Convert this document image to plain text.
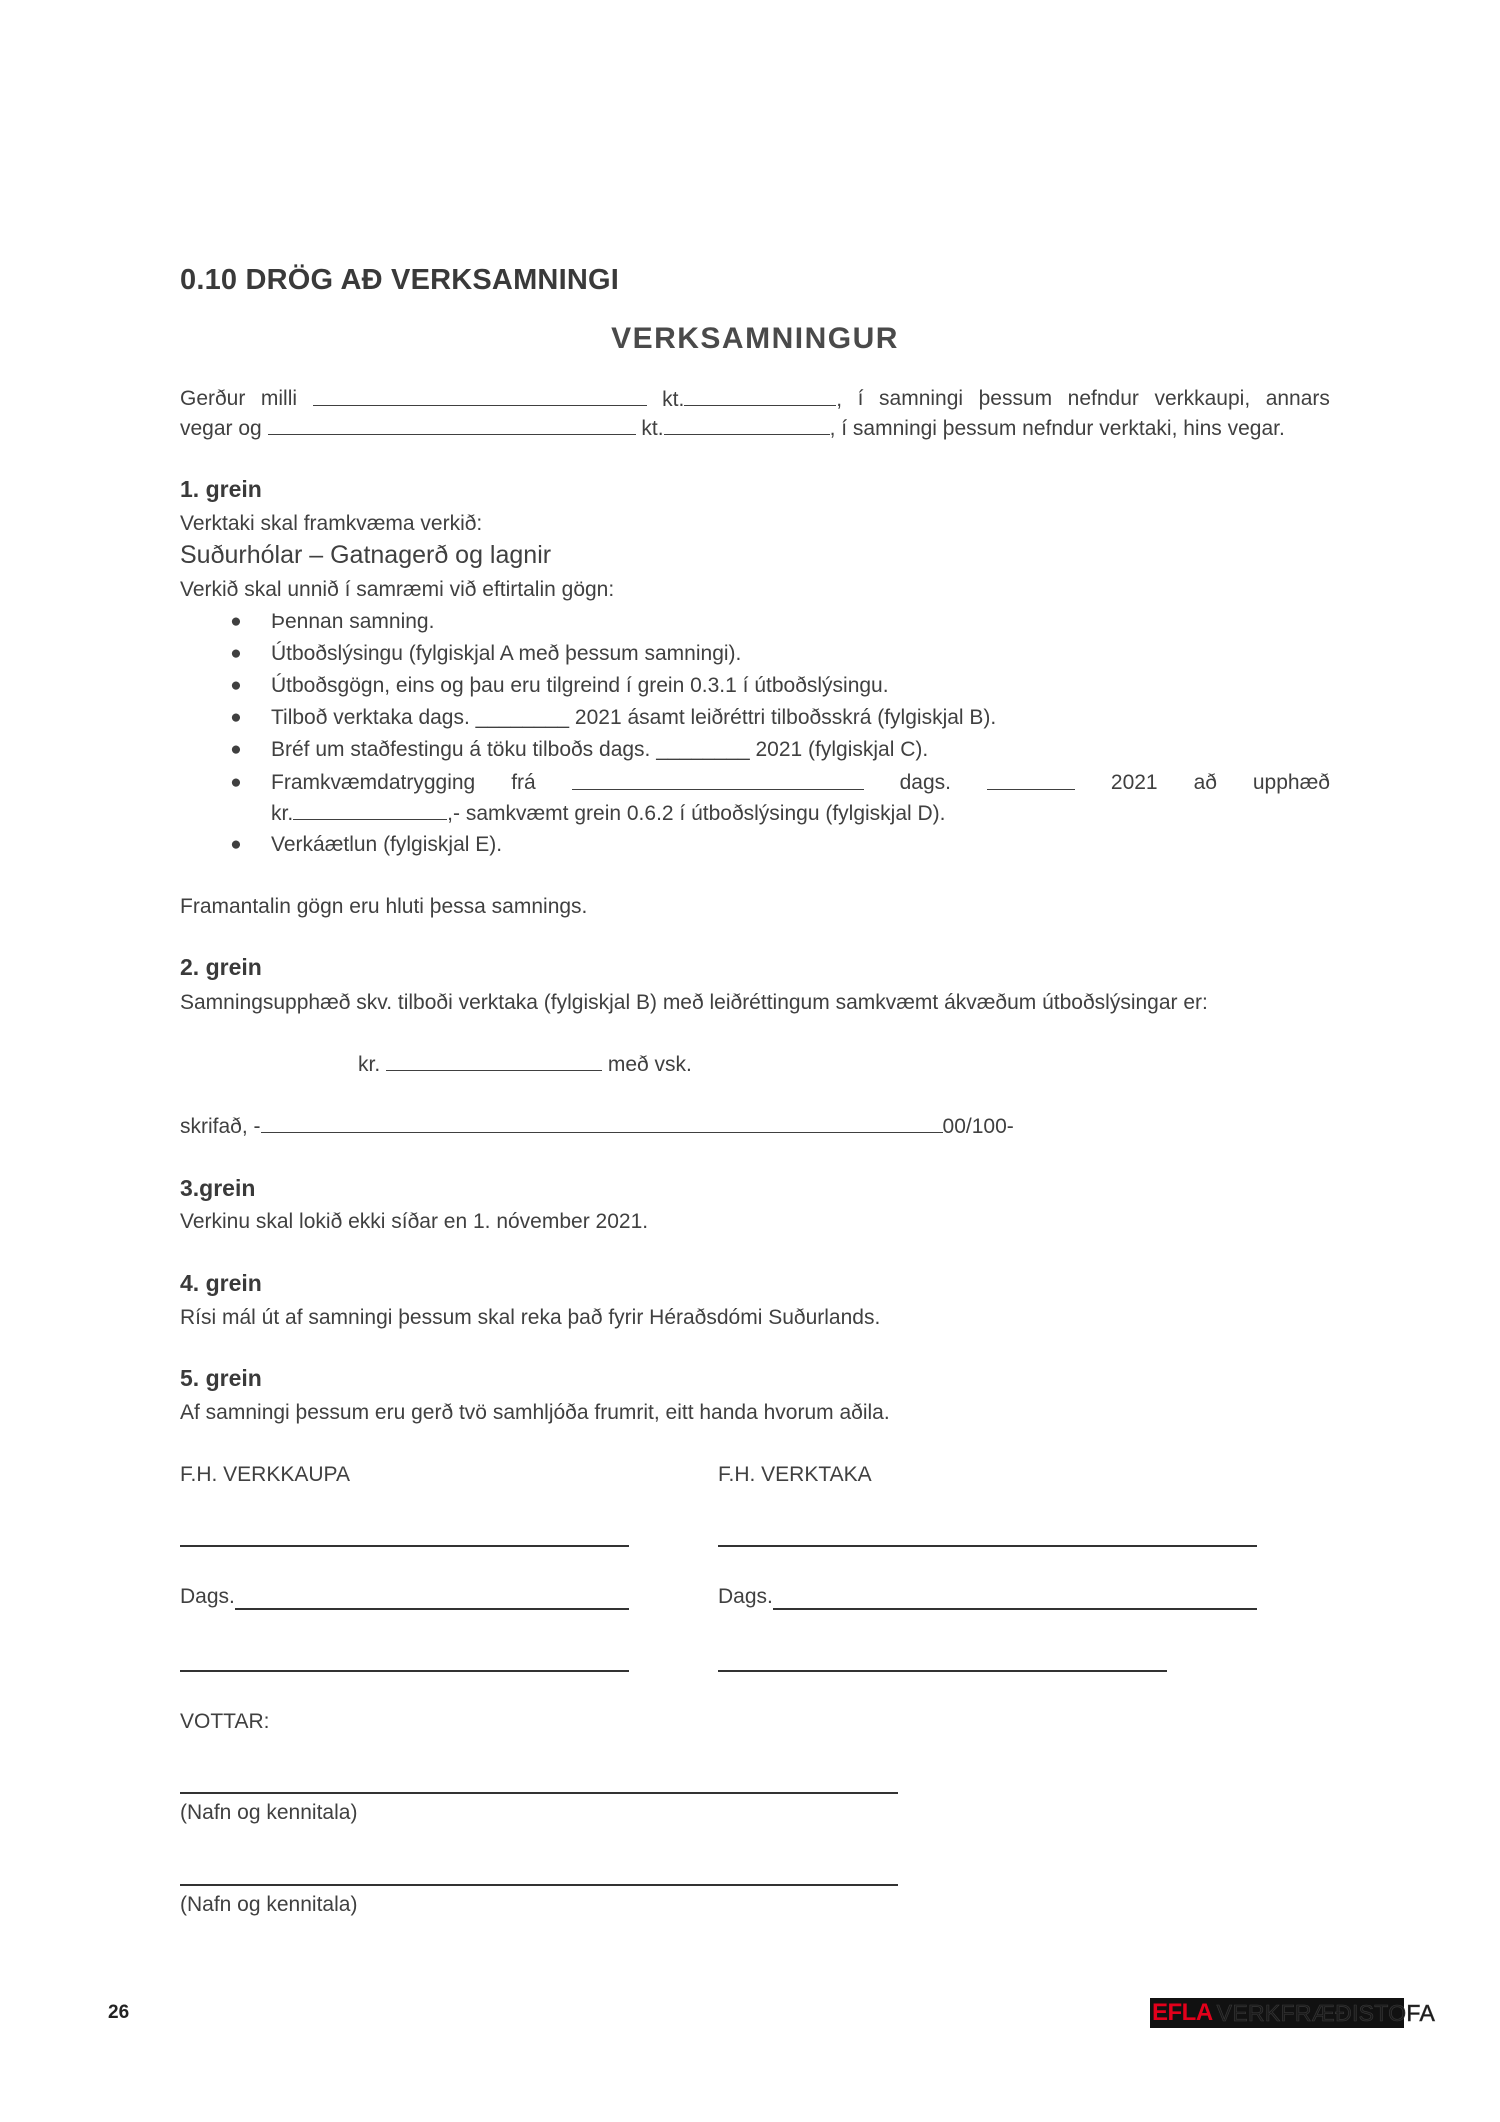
0.10 DRÖG AÐ VERKSAMNINGI
VERKSAMNINGUR
Gerður milli	kt.	, í samningi þessum nefndur verkkaupi, annars
vegar og	kt.	, í samningi þessum nefndur verktaki, hins vegar.
1. grein
Verktaki skal framkvæma verkið:
Suðurhólar – Gatnagerð og lagnir
Verkið skal unnið í samræmi við eftirtalin gögn:
● Þennan samning.
● Útboðslýsingu (fylgiskjal A með þessum samningi).
● Útboðsgögn, eins og þau eru tilgreind í grein 0.3.1 í útboðslýsingu.
● Tilboð verktaka dags. ________ 2021 ásamt leiðréttri tilboðsskrá (fylgiskjal B).
● Bréf um staðfestingu á töku tilboðs dags. ________ 2021 (fylgiskjal C).
● Framkvæmdatrygging frá	dags.	2021 að upphæð
kr.	,- samkvæmt grein 0.6.2 í útboðslýsingu (fylgiskjal D).
● Verkáætlun (fylgiskjal E).
Framantalin gögn eru hluti þessa samnings.
2. grein
Samningsupphæð skv. tilboði verktaka (fylgiskjal B) með leiðréttingum samkvæmt ákvæðum útboðslýsingar er:
kr.	með vsk.
skrifað, -	00/100-
3.grein
Verkinu skal lokið ekki síðar en 1. nóvember 2021.
4. grein
Rísi mál út af samningi þessum skal reka það fyrir Héraðsdómi Suðurlands.
5. grein
Af samningi þessum eru gerð tvö samhljóða frumrit, eitt handa hvorum aðila.
F.H. VERKKAUPA	F.H. VERKTAKA
Dags.	Dags.
VOTTAR:
(Nafn og kennitala)
(Nafn og kennitala)
26	EFLA VERKFRÆÐISTOFA
